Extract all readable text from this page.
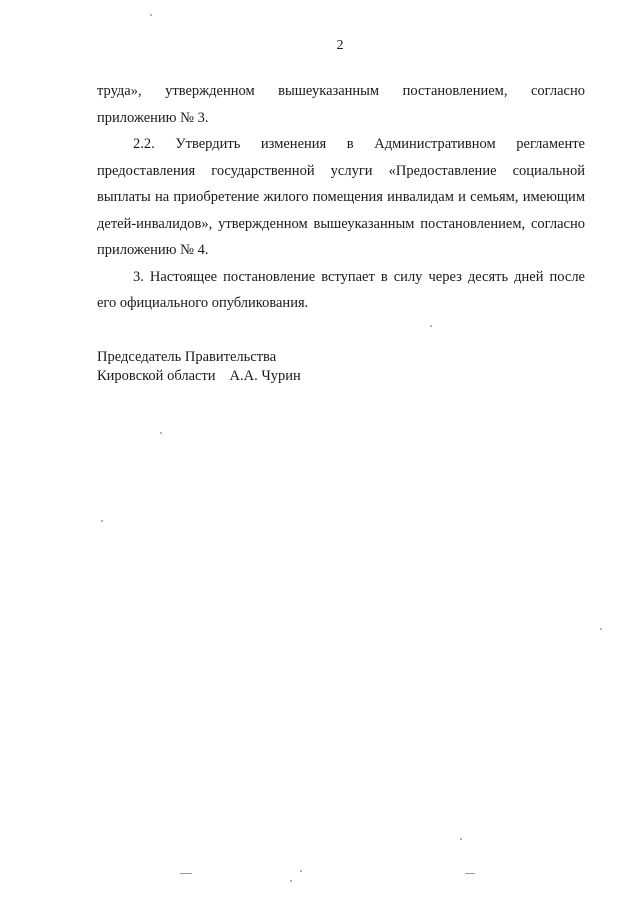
2

труда», утвержденном вышеуказанным постановлением, согласно приложению № 3.

2.2. Утвердить изменения в Административном регламенте предоставления государственной услуги «Предоставление социальной выплаты на приобретение жилого помещения инвалидам и семьям, имеющим детей-инвалидов», утвержденном вышеуказанным постановлением, согласно приложению № 4.

3. Настоящее постановление вступает в силу через десять дней после его официального опубликования.

Председатель Правительства
Кировской области А.А. Чурин
